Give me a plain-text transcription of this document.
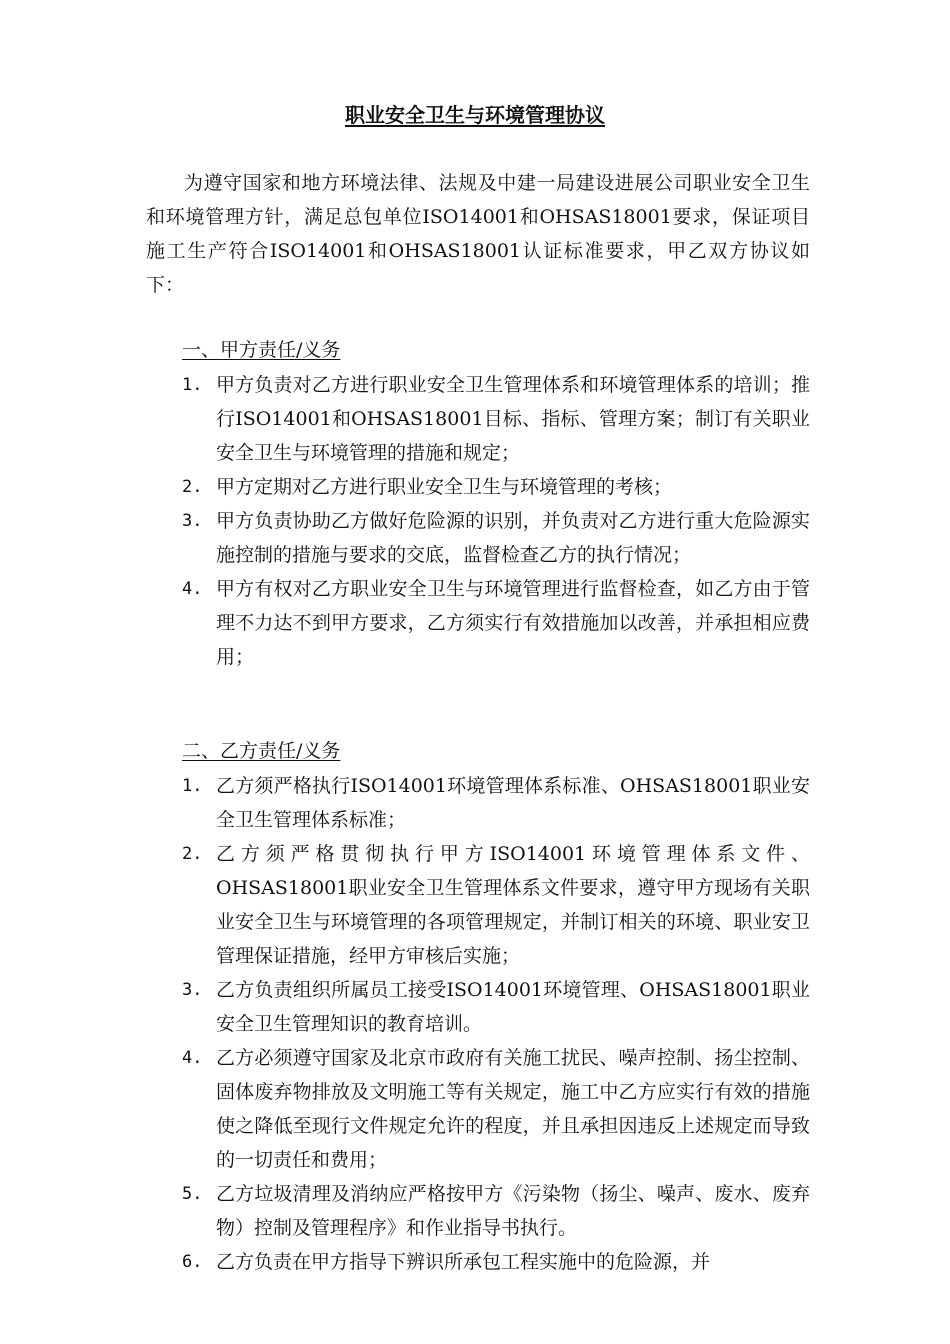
职业安全卫生与环境管理协议

为遵守国家和地方环境法律、法规及中建一局建设进展公司职业安全卫生和环境管理方针，满足总包单位ISO14001和OHSAS18001要求，保证项目施工生产符合ISO14001和OHSAS18001认证标准要求，甲乙双方协议如下：

一、甲方责任/义务
1. 甲方负责对乙方进行职业安全卫生管理体系和环境管理体系的培训；推行ISO14001和OHSAS18001目标、指标、管理方案；制订有关职业安全卫生与环境管理的措施和规定；
2. 甲方定期对乙方进行职业安全卫生与环境管理的考核；
3. 甲方负责协助乙方做好危险源的识别，并负责对乙方进行重大危险源实施控制的措施与要求的交底，监督检查乙方的执行情况；
4. 甲方有权对乙方职业安全卫生与环境管理进行监督检查，如乙方由于管理不力达不到甲方要求，乙方须实行有效措施加以改善，并承担相应费用；
二、乙方责任/义务
1. 乙方须严格执行ISO14001环境管理体系标准、OHSAS18001职业安全卫生管理体系标准；
2. 乙方须严格贯彻执行甲方ISO14001环境管理体系文件、OHSAS18001职业安全卫生管理体系文件要求，遵守甲方现场有关职业安全卫生与环境管理的各项管理规定，并制订相关的环境、职业安卫管理保证措施，经甲方审核后实施；
3. 乙方负责组织所属员工接受ISO14001环境管理、OHSAS18001职业安全卫生管理知识的教育培训。
4. 乙方必须遵守国家及北京市政府有关施工扰民、噪声控制、扬尘控制、固体废弃物排放及文明施工等有关规定，施工中乙方应实行有效的措施使之降低至现行文件规定允许的程度，并且承担因违反上述规定而导致的一切责任和费用；
5. 乙方垃圾清理及消纳应严格按甲方《污染物（扬尘、噪声、废水、废弃物）控制及管理程序》和作业指导书执行。
6. 乙方负责在甲方指导下辨识所承包工程实施中的危险源，并
